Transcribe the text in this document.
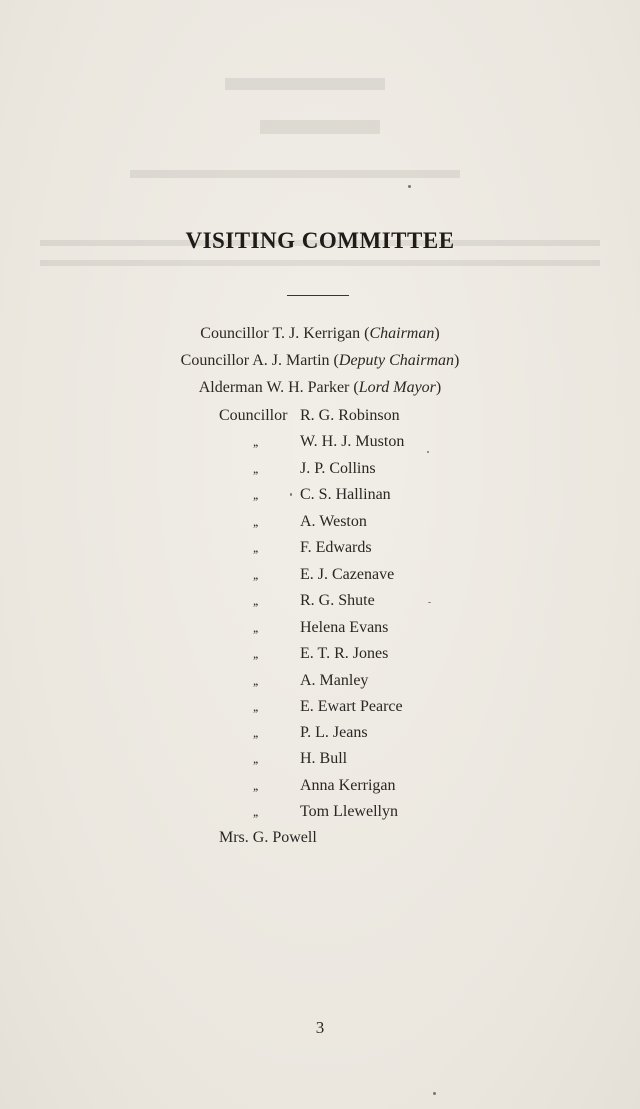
VISITING COMMITTEE
Councillor T. J. Kerrigan (Chairman)
Councillor A. J. Martin (Deputy Chairman)
Alderman W. H. Parker (Lord Mayor)
Councillor R. G. Robinson
,,	W. H. J. Muston
,,	J. P. Collins
,,	C. S. Hallinan
,,	A. Weston
,,	F. Edwards
,,	E. J. Cazenave
,,	R. G. Shute
,,	Helena Evans
,,	E. T. R. Jones
,,	A. Manley
,,	E. Ewart Pearce
,,	P. L. Jeans
,,	H. Bull
,,	Anna Kerrigan
,,	Tom Llewellyn
Mrs. G. Powell
3
